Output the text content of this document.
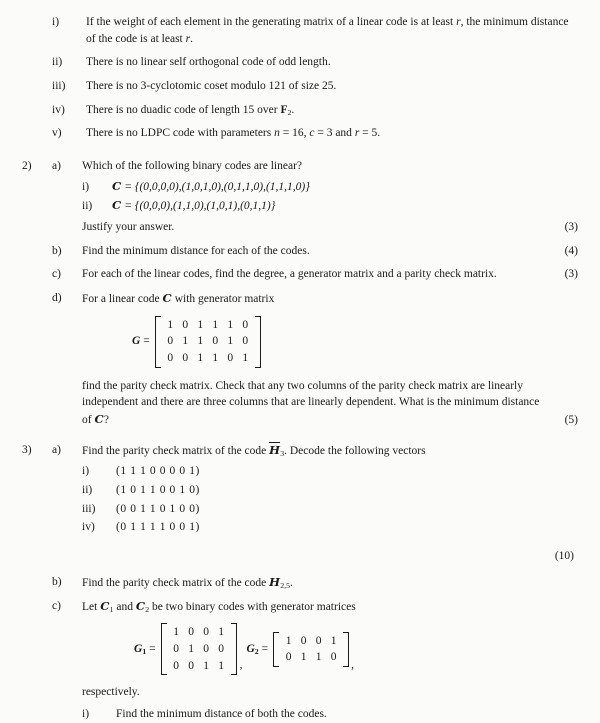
i)	If the weight of each element in the generating matrix of a linear code is at least r, the minimum distance of the code is at least r.
ii)	There is no linear self orthogonal code of odd length.
iii)	There is no 3-cyclotomic coset modulo 121 of size 25.
iv)	There is no duadic code of length 15 over F2.
v)	There is no LDPC code with parameters n = 16, c = 3 and r = 5.
2)	a)	Which of the following binary codes are linear?
i) C = {(0,0,0,0),(1,0,1,0),(0,1,1,0),(1,1,1,0)}
ii) C = {(0,0,0),(1,1,0),(1,0,1),(0,1,1)}
Justify your answer.	(3)
b)	Find the minimum distance for each of the codes.	(4)
c)	For each of the linear codes, find the degree, a generator matrix and a parity check matrix.	(3)
d)	For a linear code C with generator matrix
G =
1 0 1 1 1 0
0 1 1 0 1 0
0 0 1 1 0 1
find the parity check matrix. Check that any two columns of the parity check matrix are linearly independent and there are three columns that are linearly dependent. What is the minimum distance of C?	(5)
3)	a)	Find the parity check matrix of the code H3. Decode the following vectors
i) (1 1 1 0 0 0 0 1)
ii) (1 0 1 1 0 0 1 0)
iii) (0 0 1 1 0 1 0 0)
iv) (0 1 1 1 1 0 0 1)
(10)
b)	Find the parity check matrix of the code H2,5.
c)	Let C1 and C2 be two binary codes with generator matrices
G1 =
1 0 0 1
0 1 0 0
0 0 1 1	,
G2 =
1 0 0 1
0 1 1 0
,
respectively.
i) Find the minimum distance of both the codes.
